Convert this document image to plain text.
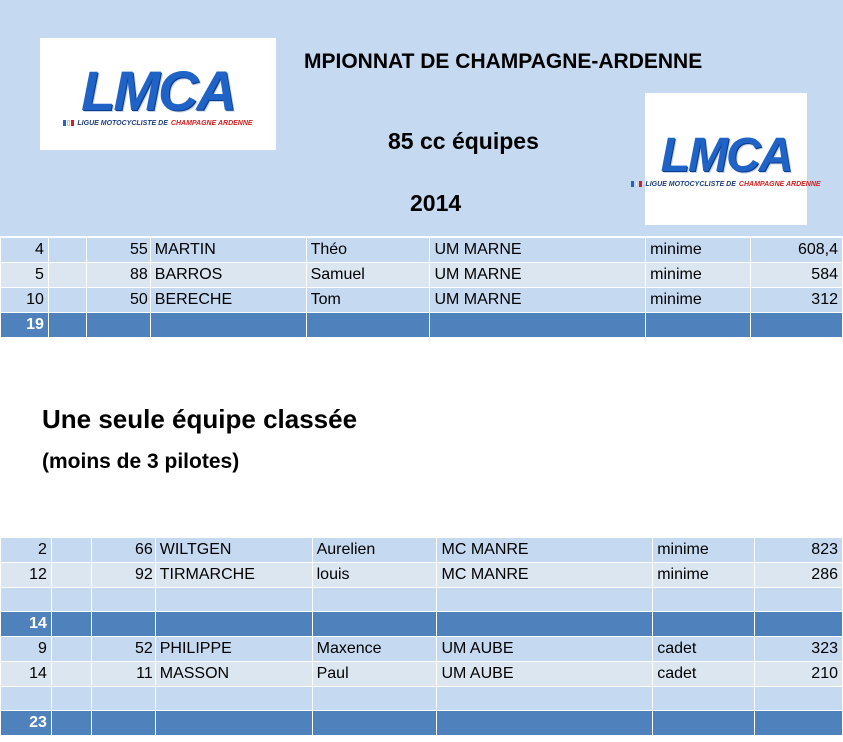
LMCA
LIGUE MOTOCYCLISTE DE CHAMPAGNE ARDENNE
MPIONNAT DE CHAMPAGNE-ARDENNE
85 cc équipes
2014
LMCA
LIGUE MOTOCYCLISTE DE CHAMPAGNE ARDENNE
4		55	MARTIN	Théo	UM MARNE	minime	608,4
5		88	BARROS	Samuel	UM MARNE	minime	584
10		50	BERECHE	Tom	UM MARNE	minime	312
19							
Une seule équipe classée
(moins de 3 pilotes)
2		66	WILTGEN	Aurelien	MC MANRE	minime	823
12		92	TIRMARCHE	louis	MC MANRE	minime	286

14							
9		52	PHILIPPE	Maxence	UM AUBE	cadet	323
14		11	MASSON	Paul	UM AUBE	cadet	210

23							
